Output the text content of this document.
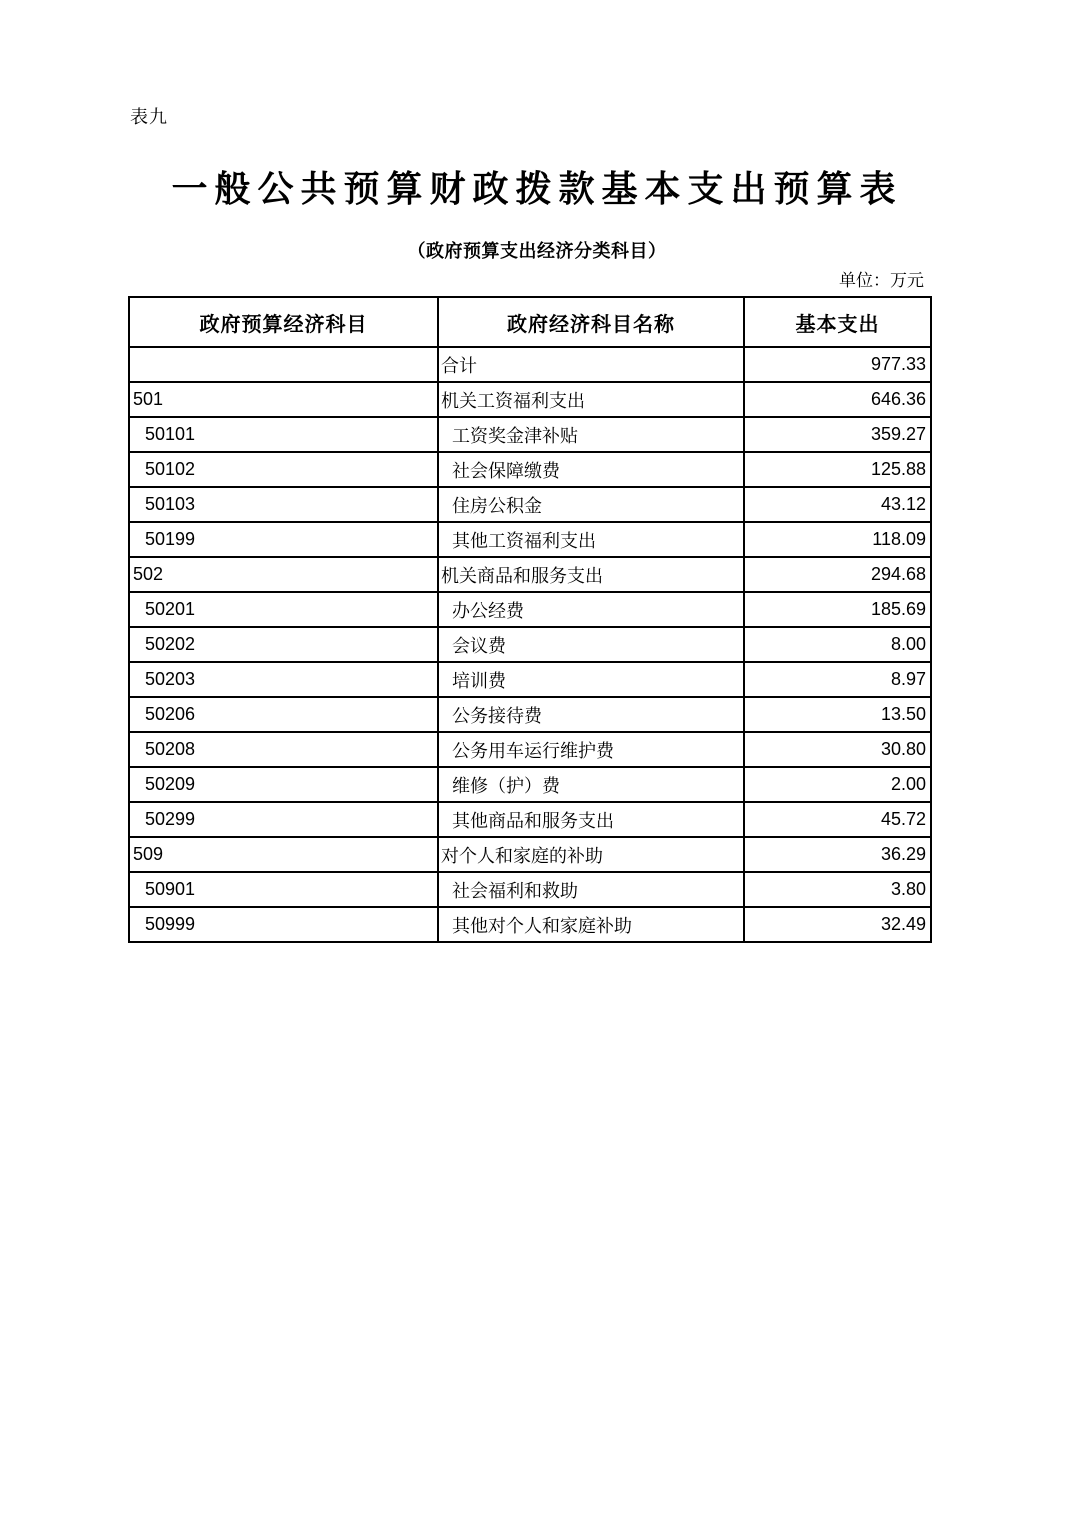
表九
一般公共预算财政拨款基本支出预算表
（政府预算支出经济分类科目）
单位：万元
政府预算经济科目	政府经济科目名称	基本支出
	合计	977.33
501	机关工资福利支出	646.36
50101	工资奖金津补贴	359.27
50102	社会保障缴费	125.88
50103	住房公积金	43.12
50199	其他工资福利支出	118.09
502	机关商品和服务支出	294.68
50201	办公经费	185.69
50202	会议费	8.00
50203	培训费	8.97
50206	公务接待费	13.50
50208	公务用车运行维护费	30.80
50209	维修（护）费	2.00
50299	其他商品和服务支出	45.72
509	对个人和家庭的补助	36.29
50901	社会福利和救助	3.80
50999	其他对个人和家庭补助	32.49
